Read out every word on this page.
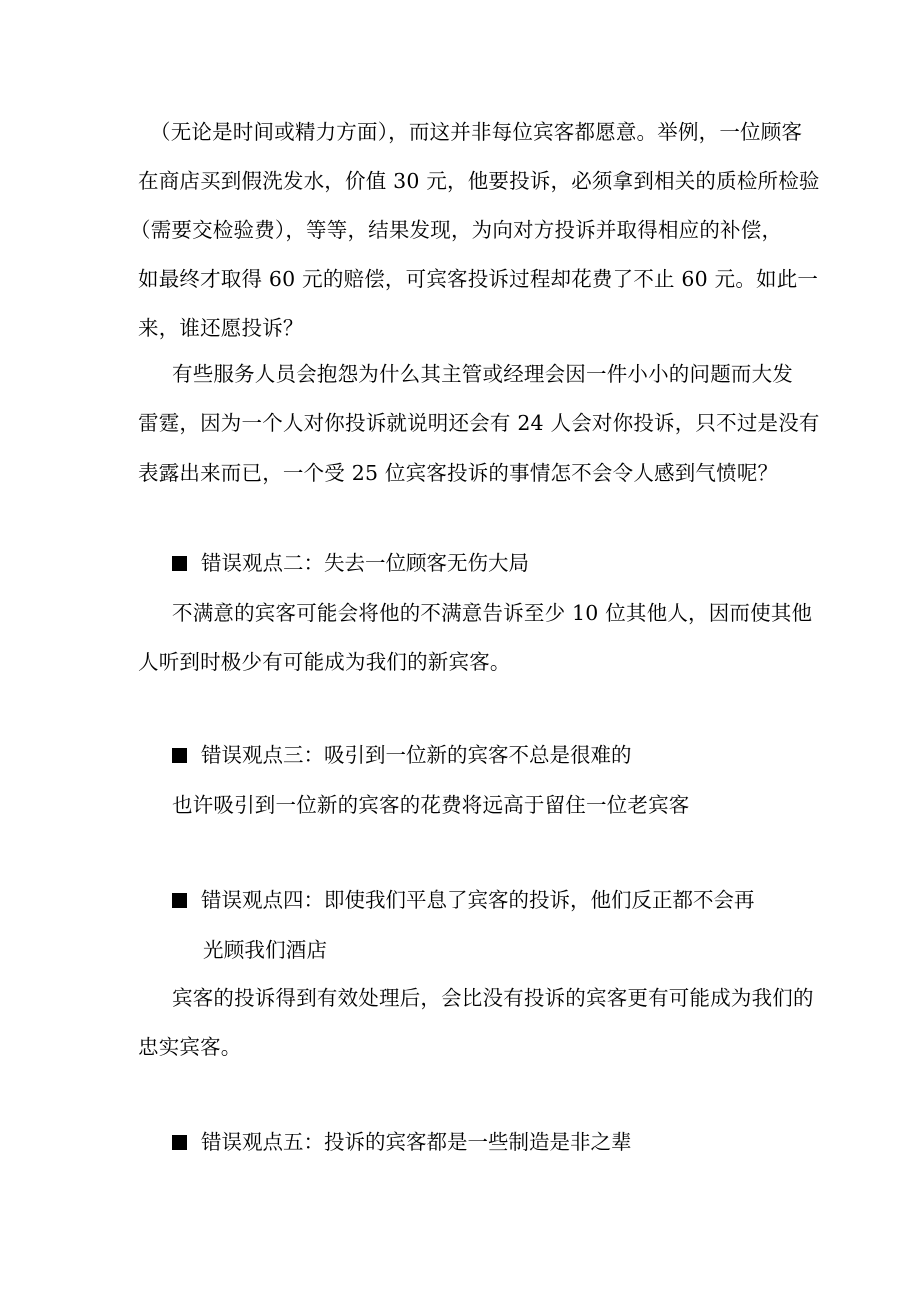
（无论是时间或精力方面），而这并非每位宾客都愿意。举例，一位顾客
在商店买到假洗发水，价值 30 元，他要投诉，必须拿到相关的质检所检验
（需要交检验费），等等，结果发现，为向对方投诉并取得相应的补偿，
如最终才取得 60 元的赔偿，可宾客投诉过程却花费了不止 60 元。如此一
来，谁还愿投诉？
有些服务人员会抱怨为什么其主管或经理会因一件小小的问题而大发
雷霆，因为一个人对你投诉就说明还会有 24 人会对你投诉，只不过是没有
表露出来而已，一个受 25 位宾客投诉的事情怎不会令人感到气愤呢？
错误观点二：失去一位顾客无伤大局
不满意的宾客可能会将他的不满意告诉至少 10 位其他人，因而使其他
人听到时极少有可能成为我们的新宾客。
错误观点三：吸引到一位新的宾客不总是很难的
也许吸引到一位新的宾客的花费将远高于留住一位老宾客
错误观点四：即使我们平息了宾客的投诉，他们反正都不会再
光顾我们酒店
宾客的投诉得到有效处理后，会比没有投诉的宾客更有可能成为我们的
忠实宾客。
错误观点五：投诉的宾客都是一些制造是非之辈
